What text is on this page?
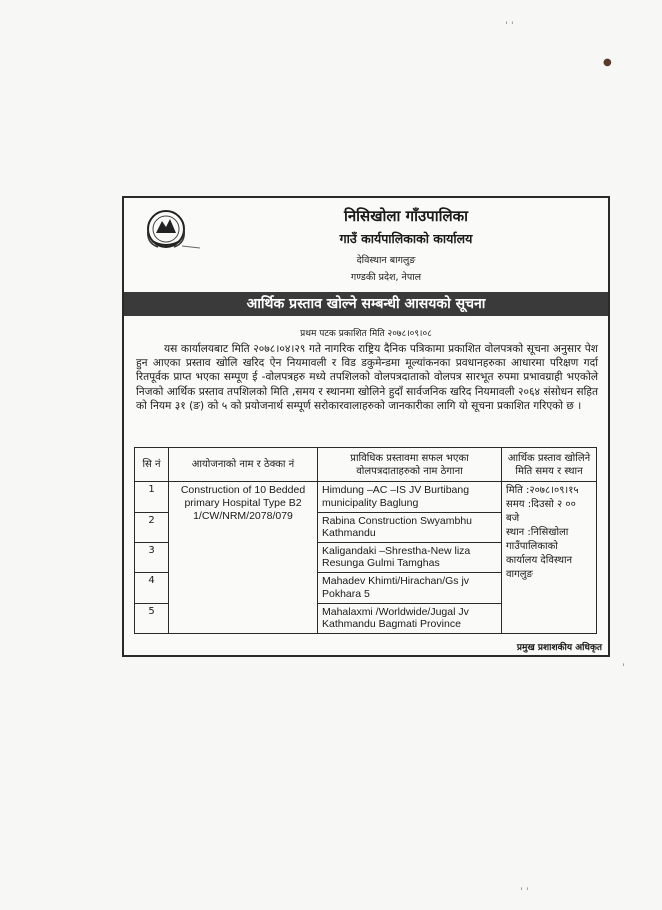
ˈ ˈ
●
ˈ ˈ
ˈ
निसिखोला गाँउपालिका
गाउँ कार्यपालिकाको कार्यालय
देविस्थान बागलुङ
गण्डकी प्रदेश, नेपाल
आर्थिक प्रस्ताव खोल्ने सम्बन्धी आसयको सूचना
प्रथम पटक प्रकाशित मिति २०७८।०९।०८
यस कार्यालयबाट मिति २०७८।०४।२९ गते नागरिक राष्ट्रिय दैनिक पत्रिकामा प्रकाशित वोलपत्रको सूचना अनुसार पेश हुन आएका प्रस्ताव खोलि खरिद ऐन नियमावली र विड डकुमेन्डमा मूल्यांकनका प्रवधानहरुका आधारमा परिक्षण गर्दा रितपूर्वक प्राप्त भएका सम्पूण ई -वोलपत्रहरु मध्ये तपशिलको वोलपत्रदाताको वोलपत्र सारभूत रुपमा प्रभावग्राही भएकोले निजको आर्थिक प्रस्ताव तपशिलको मिति ,समय र स्थानमा खोलिने हुदाँ सार्वजनिक खरिद नियमावली २०६४ संसोधन सहित को नियम ३१ (ङ) को ५ को प्रयोजनार्थ सम्पूर्ण सरोकारवालाहरुको जानकारीका लागि यो सूचना प्रकाशित गरिएको छ ।
सि नं	आयोजनाको नाम र ठेक्का नं	प्राविधिक प्रस्तावमा सफल भएका वोलपत्रदाताहरुको नाम ठेगाना	आर्थिक प्रस्ताव खोलिने मिति समय र स्थान
1	Construction of 10 Bedded primary Hospital Type B2 1/CW/NRM/2078/079	Himdung –AC –IS JV Burtibang municipality Baglung	मिति :२०७८।०९।१५
समय :दिउसो २ ०० बजे
स्थान :निसिखोला गाउँपालिकाको कार्यालय देविस्थान वागलुङ

2		Rabina Construction Swyambhu Kathmandu	
3		Kaligandaki –Shrestha-New liza Resunga Gulmi Tamghas	
4		Mahadev Khimti/Hirachan/Gs jv Pokhara 5	
5		Mahalaxmi /Worldwide/Jugal Jv Kathmandu Bagmati Province	
प्रमुख प्रशाशकीय अधिकृत
